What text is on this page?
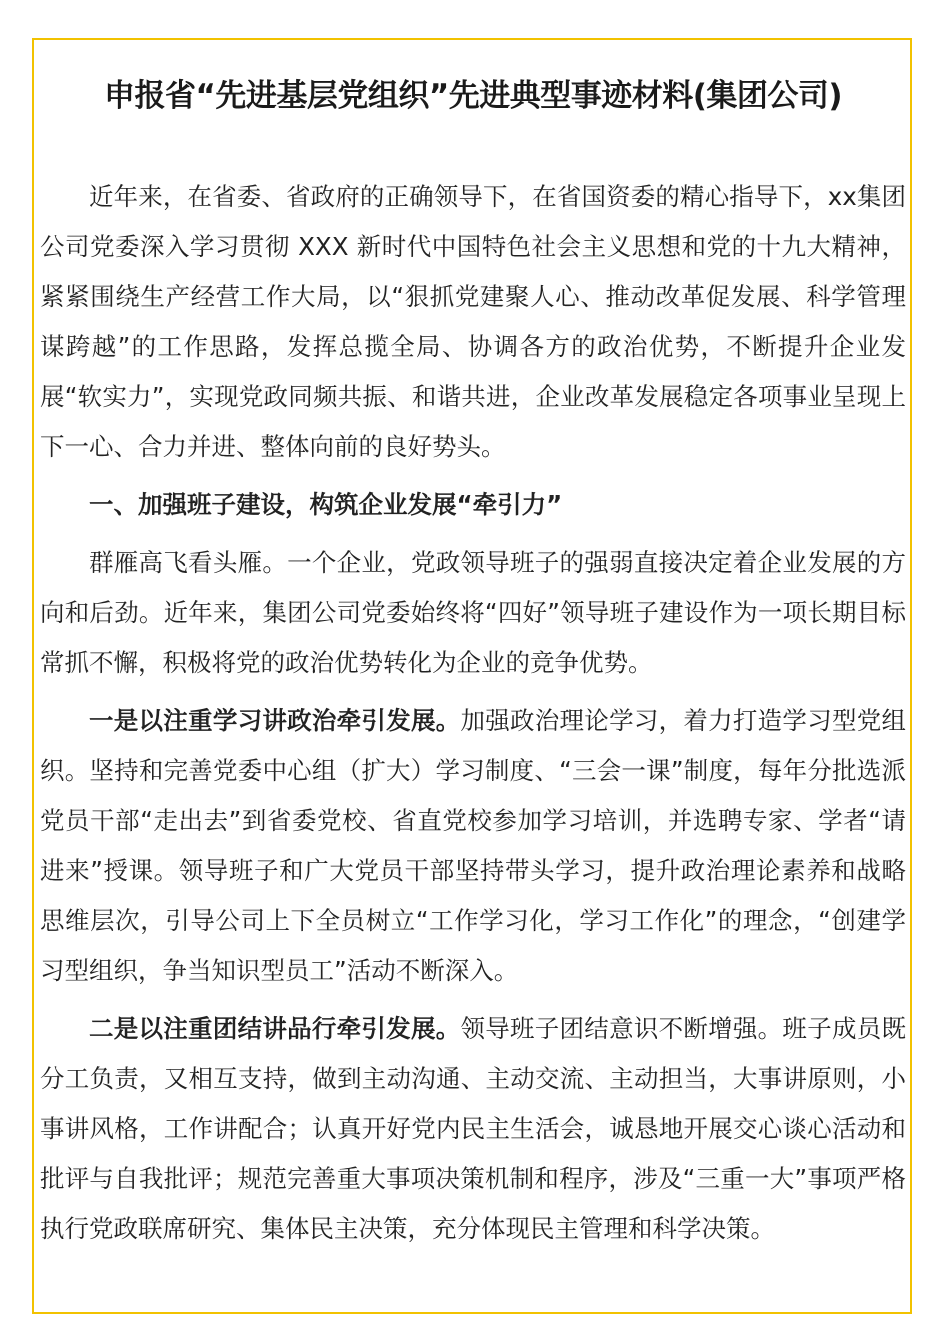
申报省“先进基层党组织”先进典型事迹材料(集团公司)

近年来，在省委、省政府的正确领导下，在省国资委的精心指导下，xx集团公司党委深入学习贯彻 XXX 新时代中国特色社会主义思想和党的十九大精神，紧紧围绕生产经营工作大局，以“狠抓党建聚人心、推动改革促发展、科学管理谋跨越”的工作思路，发挥总揽全局、协调各方的政治优势，不断提升企业发展“软实力”，实现党政同频共振、和谐共进，企业改革发展稳定各项事业呈现上下一心、合力并进、整体向前的良好势头。

一、加强班子建设，构筑企业发展“牵引力”

群雁高飞看头雁。一个企业，党政领导班子的强弱直接决定着企业发展的方向和后劲。近年来，集团公司党委始终将“四好”领导班子建设作为一项长期目标常抓不懈，积极将党的政治优势转化为企业的竞争优势。

一是以注重学习讲政治牵引发展。加强政治理论学习，着力打造学习型党组织。坚持和完善党委中心组（扩大）学习制度、“三会一课”制度，每年分批选派党员干部“走出去”到省委党校、省直党校参加学习培训，并选聘专家、学者“请进来”授课。领导班子和广大党员干部坚持带头学习，提升政治理论素养和战略思维层次，引导公司上下全员树立“工作学习化，学习工作化”的理念，“创建学习型组织，争当知识型员工”活动不断深入。

二是以注重团结讲品行牵引发展。领导班子团结意识不断增强。班子成员既分工负责，又相互支持，做到主动沟通、主动交流、主动担当，大事讲原则，小事讲风格，工作讲配合；认真开好党内民主生活会，诚恳地开展交心谈心活动和批评与自我批评；规范完善重大事项决策机制和程序，涉及“三重一大”事项严格执行党政联席研究、集体民主决策，充分体现民主管理和科学决策。
